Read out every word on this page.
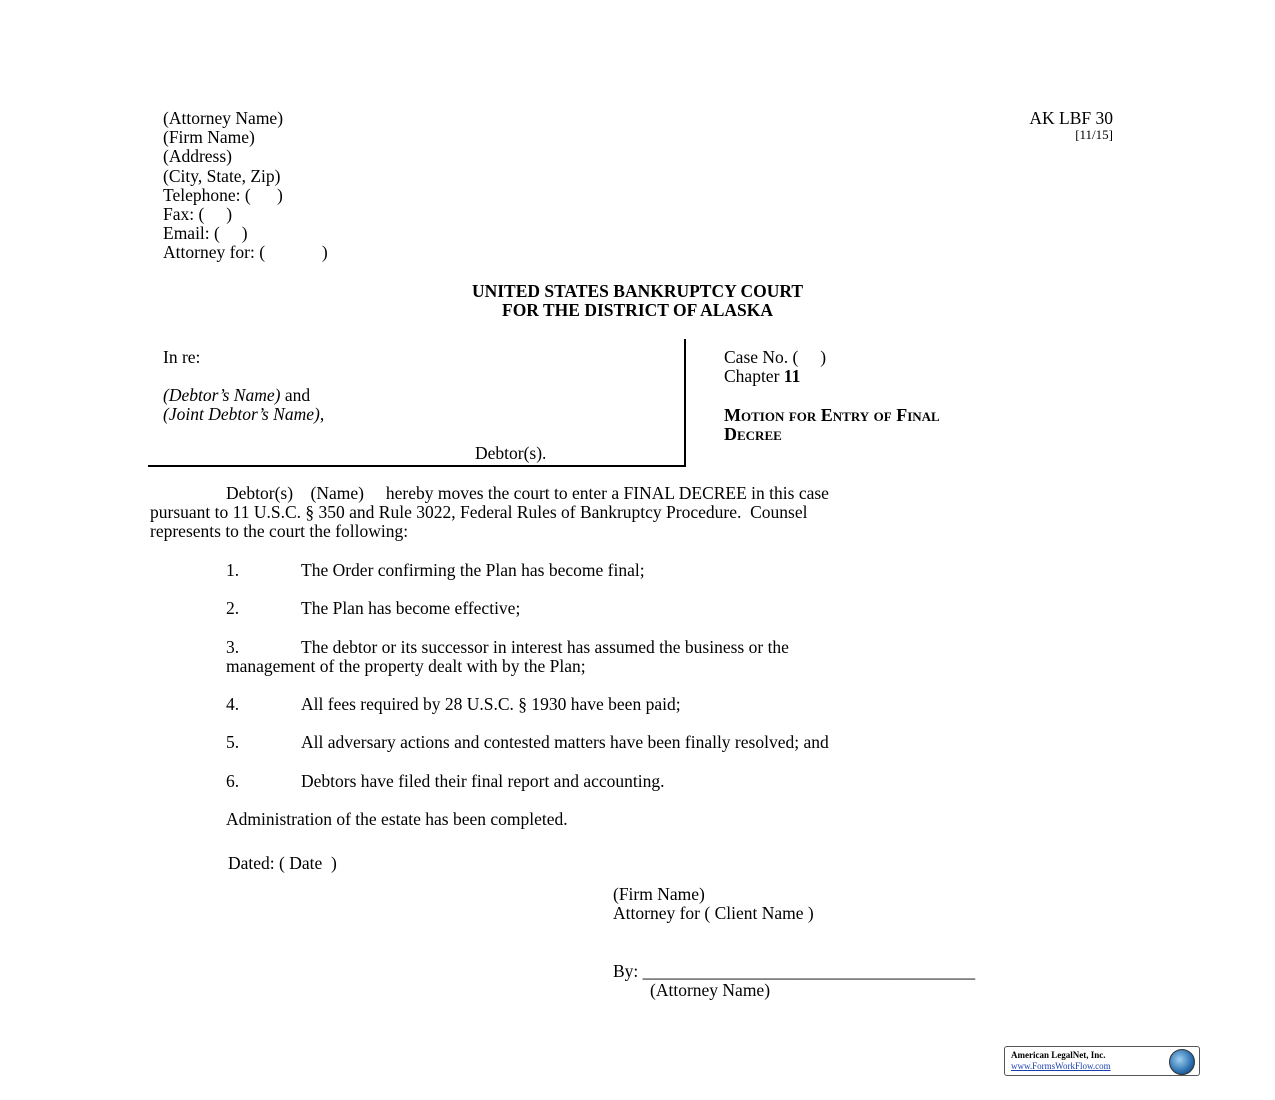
(Attorney Name)
(Firm Name)
(Address)
(City, State, Zip)
Telephone: (      )
Fax: (     )
Email: (     )
Attorney for: (             )
AK LBF 30
[11/15]
UNITED STATES BANKRUPTCY COURT
FOR THE DISTRICT OF ALASKA
In re:
(Debtor’s Name) and
(Joint Debtor’s Name),
Debtor(s).
Case No. (     )
Chapter 11
Motion for Entry of Final
Decree
Debtor(s)    (Name)     hereby moves the court to enter a FINAL DECREE in this case
pursuant to 11 U.S.C. § 350 and Rule 3022, Federal Rules of Bankruptcy Procedure.  Counsel
represents to the court the following:
1.	The Order confirming the Plan has become final;
2.	The Plan has become effective;
3.	The debtor or its successor in interest has assumed the business or the
management of the property dealt with by the Plan;
4.	All fees required by 28 U.S.C. § 1930 have been paid;
5.	All adversary actions and contested matters have been finally resolved; and
6.	Debtors have filed their final report and accounting.
Administration of the estate has been completed.
Dated: ( Date  )
(Firm Name)
Attorney for ( Client Name )
By: ______________________________________
(Attorney Name)
American LegalNet, Inc.
www.FormsWorkFlow.com
